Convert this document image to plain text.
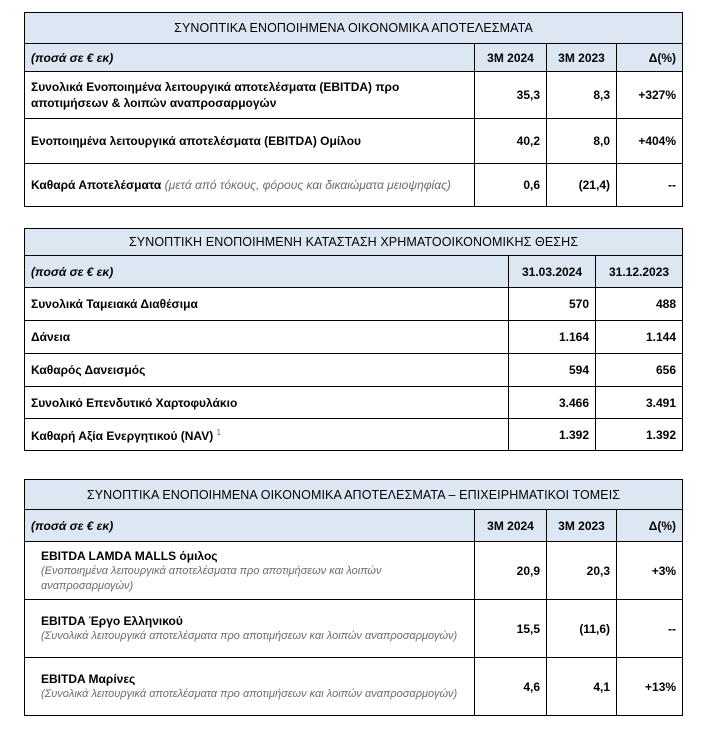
ΣΥΝΟΠΤΙΚΑ ΕΝΟΠΟΙΗΜΕΝΑ ΟΙΚΟΝΟΜΙΚΑ ΑΠΟΤΕΛΕΣΜΑΤΑ			
(ποσά σε € εκ)	3Μ 2024	3Μ 2023	Δ(%)
Συνολικά Ενοποιημένα λειτουργικά αποτελέσματα (EBITDA) προ αποτιμήσεων & λοιπών αναπροσαρμογών	35,3	8,3	+327%
Ενοποιημένα λειτουργικά αποτελέσματα (EBITDA) Ομίλου	40,2	8,0	+404%
Καθαρά Αποτελέσματα (μετά από τόκους, φόρους και δικαιώματα μειοψηφίας)	0,6	(21,4)	--
ΣΥΝΟΠΤΙΚΗ ΕΝΟΠΟΙΗΜΕΝΗ ΚΑΤΑΣΤΑΣΗ ΧΡΗΜΑΤΟΟΙΚΟΝΟΜΙΚΗΣ ΘΕΣΗΣ		
(ποσά σε € εκ)	31.03.2024	31.12.2023
Συνολικά Ταμειακά Διαθέσιμα	570	488
Δάνεια	1.164	1.144
Καθαρός Δανεισμός	594	656
Συνολικό Επενδυτικό Χαρτοφυλάκιο	3.466	3.491
Καθαρή Αξία Ενεργητικού (NAV) $^1$	1.392	1.392
ΣΥΝΟΠΤΙΚΑ ΕΝΟΠΟΙΗΜΕΝΑ ΟΙΚΟΝΟΜΙΚΑ ΑΠΟΤΕΛΕΣΜΑΤΑ – ΕΠΙΧΕΙΡΗΜΑΤΙΚΟΙ ΤΟΜΕΙΣ			
(ποσά σε € εκ)	3Μ 2024	3Μ 2023	Δ(%)
EBITDA LAMDA MALLS όμιλος
(Ενοποιημένα λειτουργικά αποτελέσματα προ αποτιμήσεων και λοιπών αναπροσαρμογών)	20,9	20,3	+3%
EBITDA Έργο Ελληνικού
(Συνολικά λειτουργικά αποτελέσματα προ αποτιμήσεων και λοιπών αναπροσαρμογών)	15,5	(11,6)	--
EBITDA Μαρίνες
(Συνολικά λειτουργικά αποτελέσματα προ αποτιμήσεων και λοιπών αναπροσαρμογών)	4,6	4,1	+13%
